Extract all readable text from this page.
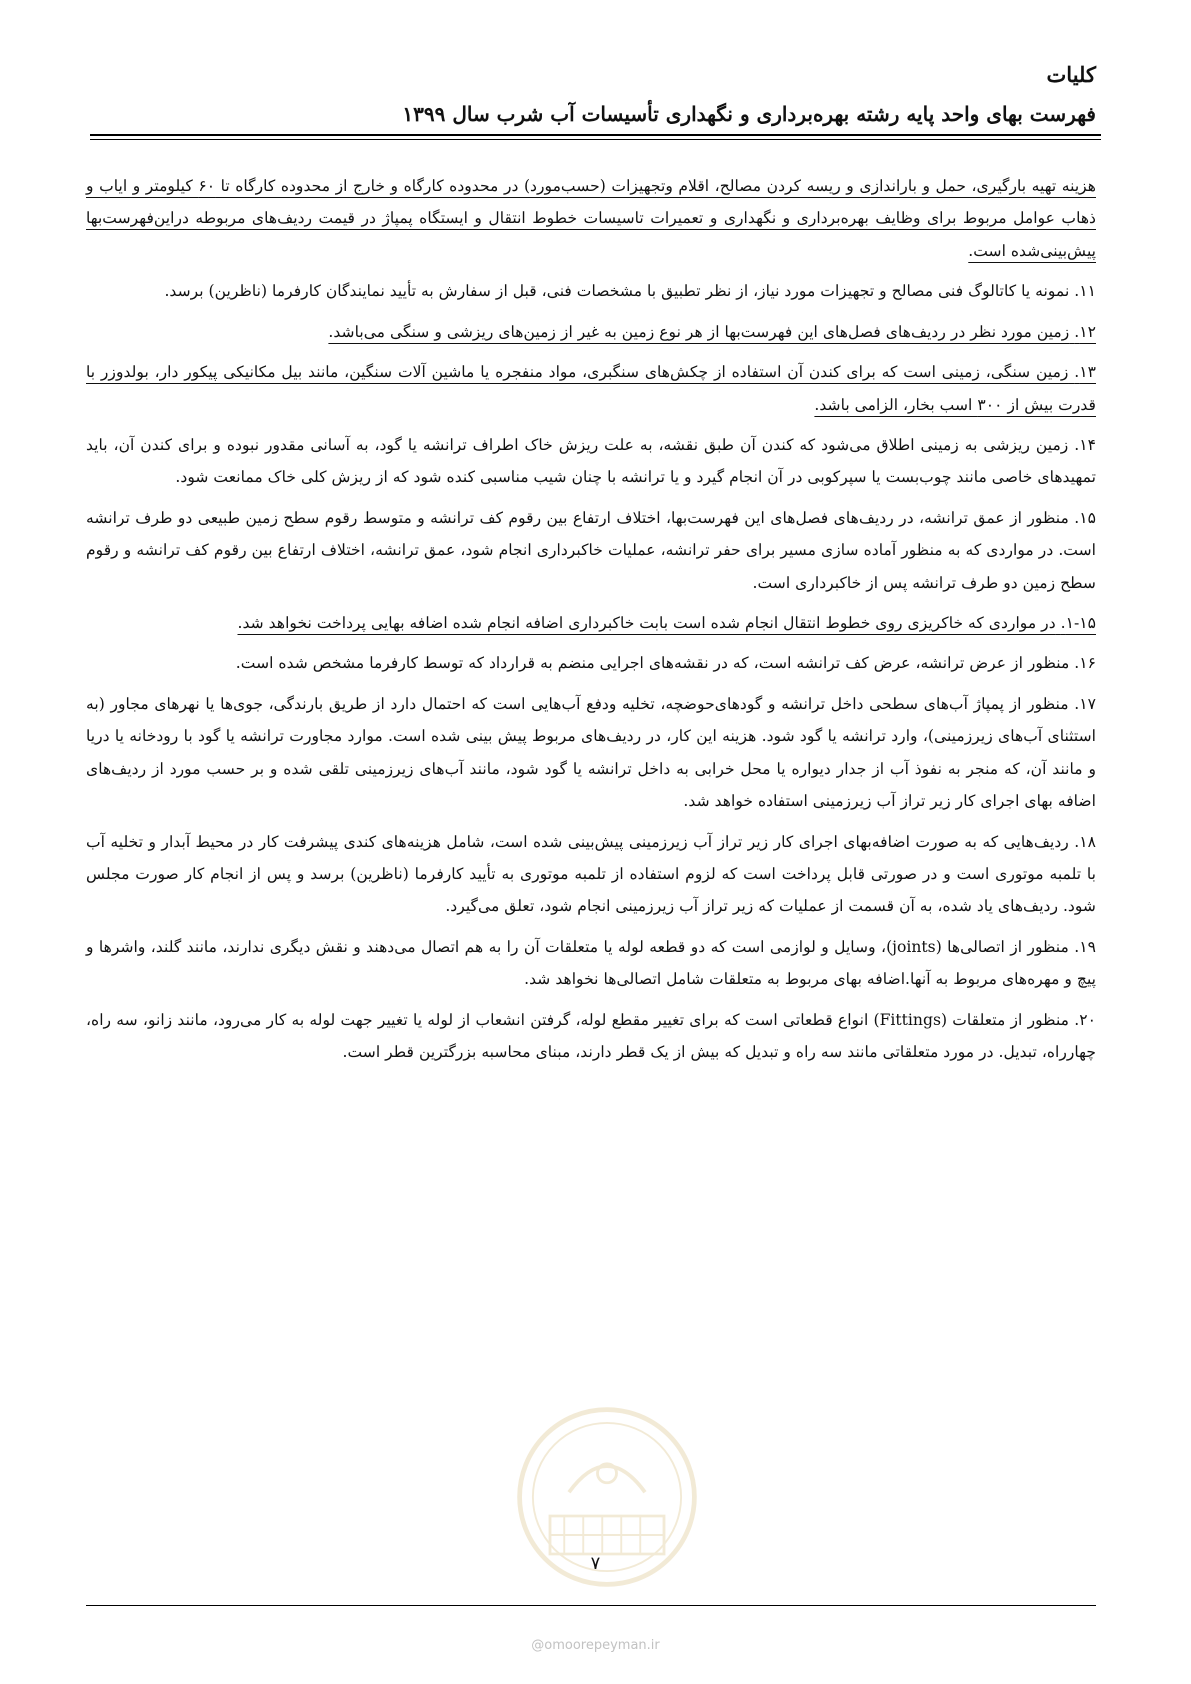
کلیات
فهرست بهای واحد پایه رشته بهره‌برداری و نگهداری تأسیسات آب شرب سال ۱۳۹۹

هزینه تهیه بارگیری، حمل و باراندازی و ریسه کردن مصالح، اقلام وتجهیزات (حسب‌مورد) در محدوده کارگاه و خارج از محدوده کارگاه تا ۶۰ کیلومتر و ایاب و ذهاب عوامل مربوط برای وظایف بهره‌برداری و نگهداری و تعمیرات تاسیسات خطوط انتقال و ایستگاه پمپاژ در قیمت ردیف‌های مربوطه دراین‌فهرست‌بها پیش‌بینی‌شده است.

۱۱. نمونه یا کاتالوگ فنی مصالح و تجهیزات مورد نیاز، از نظر تطبیق با مشخصات فنی، قبل از سفارش به تأیید نمایندگان کارفرما (ناظرین) برسد.

۱۲. زمین مورد نظر در ردیف‌های فصل‌های این فهرست‌بها از هر نوع زمین به غیر از زمین‌های ریزشی و سنگی می‌باشد.

۱۳. زمین سنگی، زمینی است که برای کندن آن استفاده از چکش‌های سنگبری، مواد منفجره یا ماشین آلات سنگین، مانند بیل مکانیکی پیکور دار، بولدوزر با قدرت بیش از ۳۰۰ اسب بخار، الزامی باشد.

۱۴. زمین ریزشی به زمینی اطلاق می‌شود که کندن آن طبق نقشه، به علت ریزش خاک اطراف ترانشه یا گود، به آسانی مقدور نبوده و برای کندن آن، باید تمهیدهای خاصی مانند چوب‌بست یا سپرکوبی در آن انجام گیرد و یا ترانشه با چنان شیب مناسبی کنده شود که از ریزش کلی خاک ممانعت شود.

۱۵. منظور از عمق ترانشه، در ردیف‌های فصل‌های این فهرست‌بها، اختلاف ارتفاع بین رقوم کف ترانشه و متوسط رقوم سطح زمین طبیعی دو طرف ترانشه است. در مواردی که به منظور آماده سازی مسیر برای حفر ترانشه، عملیات خاکبرداری انجام شود، عمق ترانشه، اختلاف ارتفاع بین رقوم کف ترانشه و رقوم سطح زمین دو طرف ترانشه پس از خاکبرداری است.

۱-۱۵. در مواردی که خاکریزی روی خطوط انتقال انجام شده است بابت خاکبرداری اضافه انجام شده اضافه بهایی پرداخت نخواهد شد.

۱۶. منظور از عرض ترانشه، عرض کف ترانشه است، که در نقشه‌های اجرایی منضم به قرارداد که توسط کارفرما مشخص شده است.

۱۷. منظور از پمپاژ آب‌های سطحی داخل ترانشه و گودهای‌حوضچه، تخلیه ودفع آب‌هایی است که احتمال دارد از طریق بارندگی، جوی‌ها یا نهرهای مجاور (به استثنای آب‌های زیرزمینی)، وارد ترانشه یا گود شود. هزینه این کار، در ردیف‌های مربوط پیش بینی شده است. موارد مجاورت ترانشه یا گود با رودخانه یا دریا و مانند آن، که منجر به نفوذ آب از جدار دیواره یا محل خرابی به داخل ترانشه یا گود شود، مانند آب‌های زیرزمینی تلقی شده و بر حسب مورد از ردیف‌های اضافه بهای اجرای کار زیر تراز آب زیرزمینی استفاده خواهد شد.

۱۸. ردیف‌هایی که به صورت اضافه‌بهای اجرای کار زیر تراز آب زیرزمینی پیش‌بینی شده است، شامل هزینه‌های کندی پیشرفت کار در محیط آبدار و تخلیه آب با تلمبه موتوری است و در صورتی قابل پرداخت است که لزوم استفاده از تلمبه موتوری به تأیید کارفرما (ناظرین) برسد و پس از انجام کار صورت مجلس شود. ردیف‌های یاد شده، به آن قسمت از عملیات که زیر تراز آب زیرزمینی انجام شود، تعلق می‌گیرد.

۱۹. منظور از اتصالی‌ها (joints)، وسایل و لوازمی است که دو قطعه لوله یا متعلقات آن را به هم اتصال می‌دهند و نقش دیگری ندارند، مانند گلند، واشرها و پیچ و مهره‌های مربوط به آنها.اضافه بهای مربوط به متعلقات شامل اتصالی‌ها نخواهد شد.

۲۰. منظور از متعلقات (Fittings) انواع قطعاتی است که برای تغییر مقطع لوله، گرفتن انشعاب از لوله یا تغییر جهت لوله به کار می‌رود، مانند زانو، سه راه، چهارراه، تبدیل. در مورد متعلقاتی مانند سه راه و تبدیل که بیش از یک قطر دارند، مبنای محاسبه بزرگترین قطر است.

۷
@omoorepeyman.ir
